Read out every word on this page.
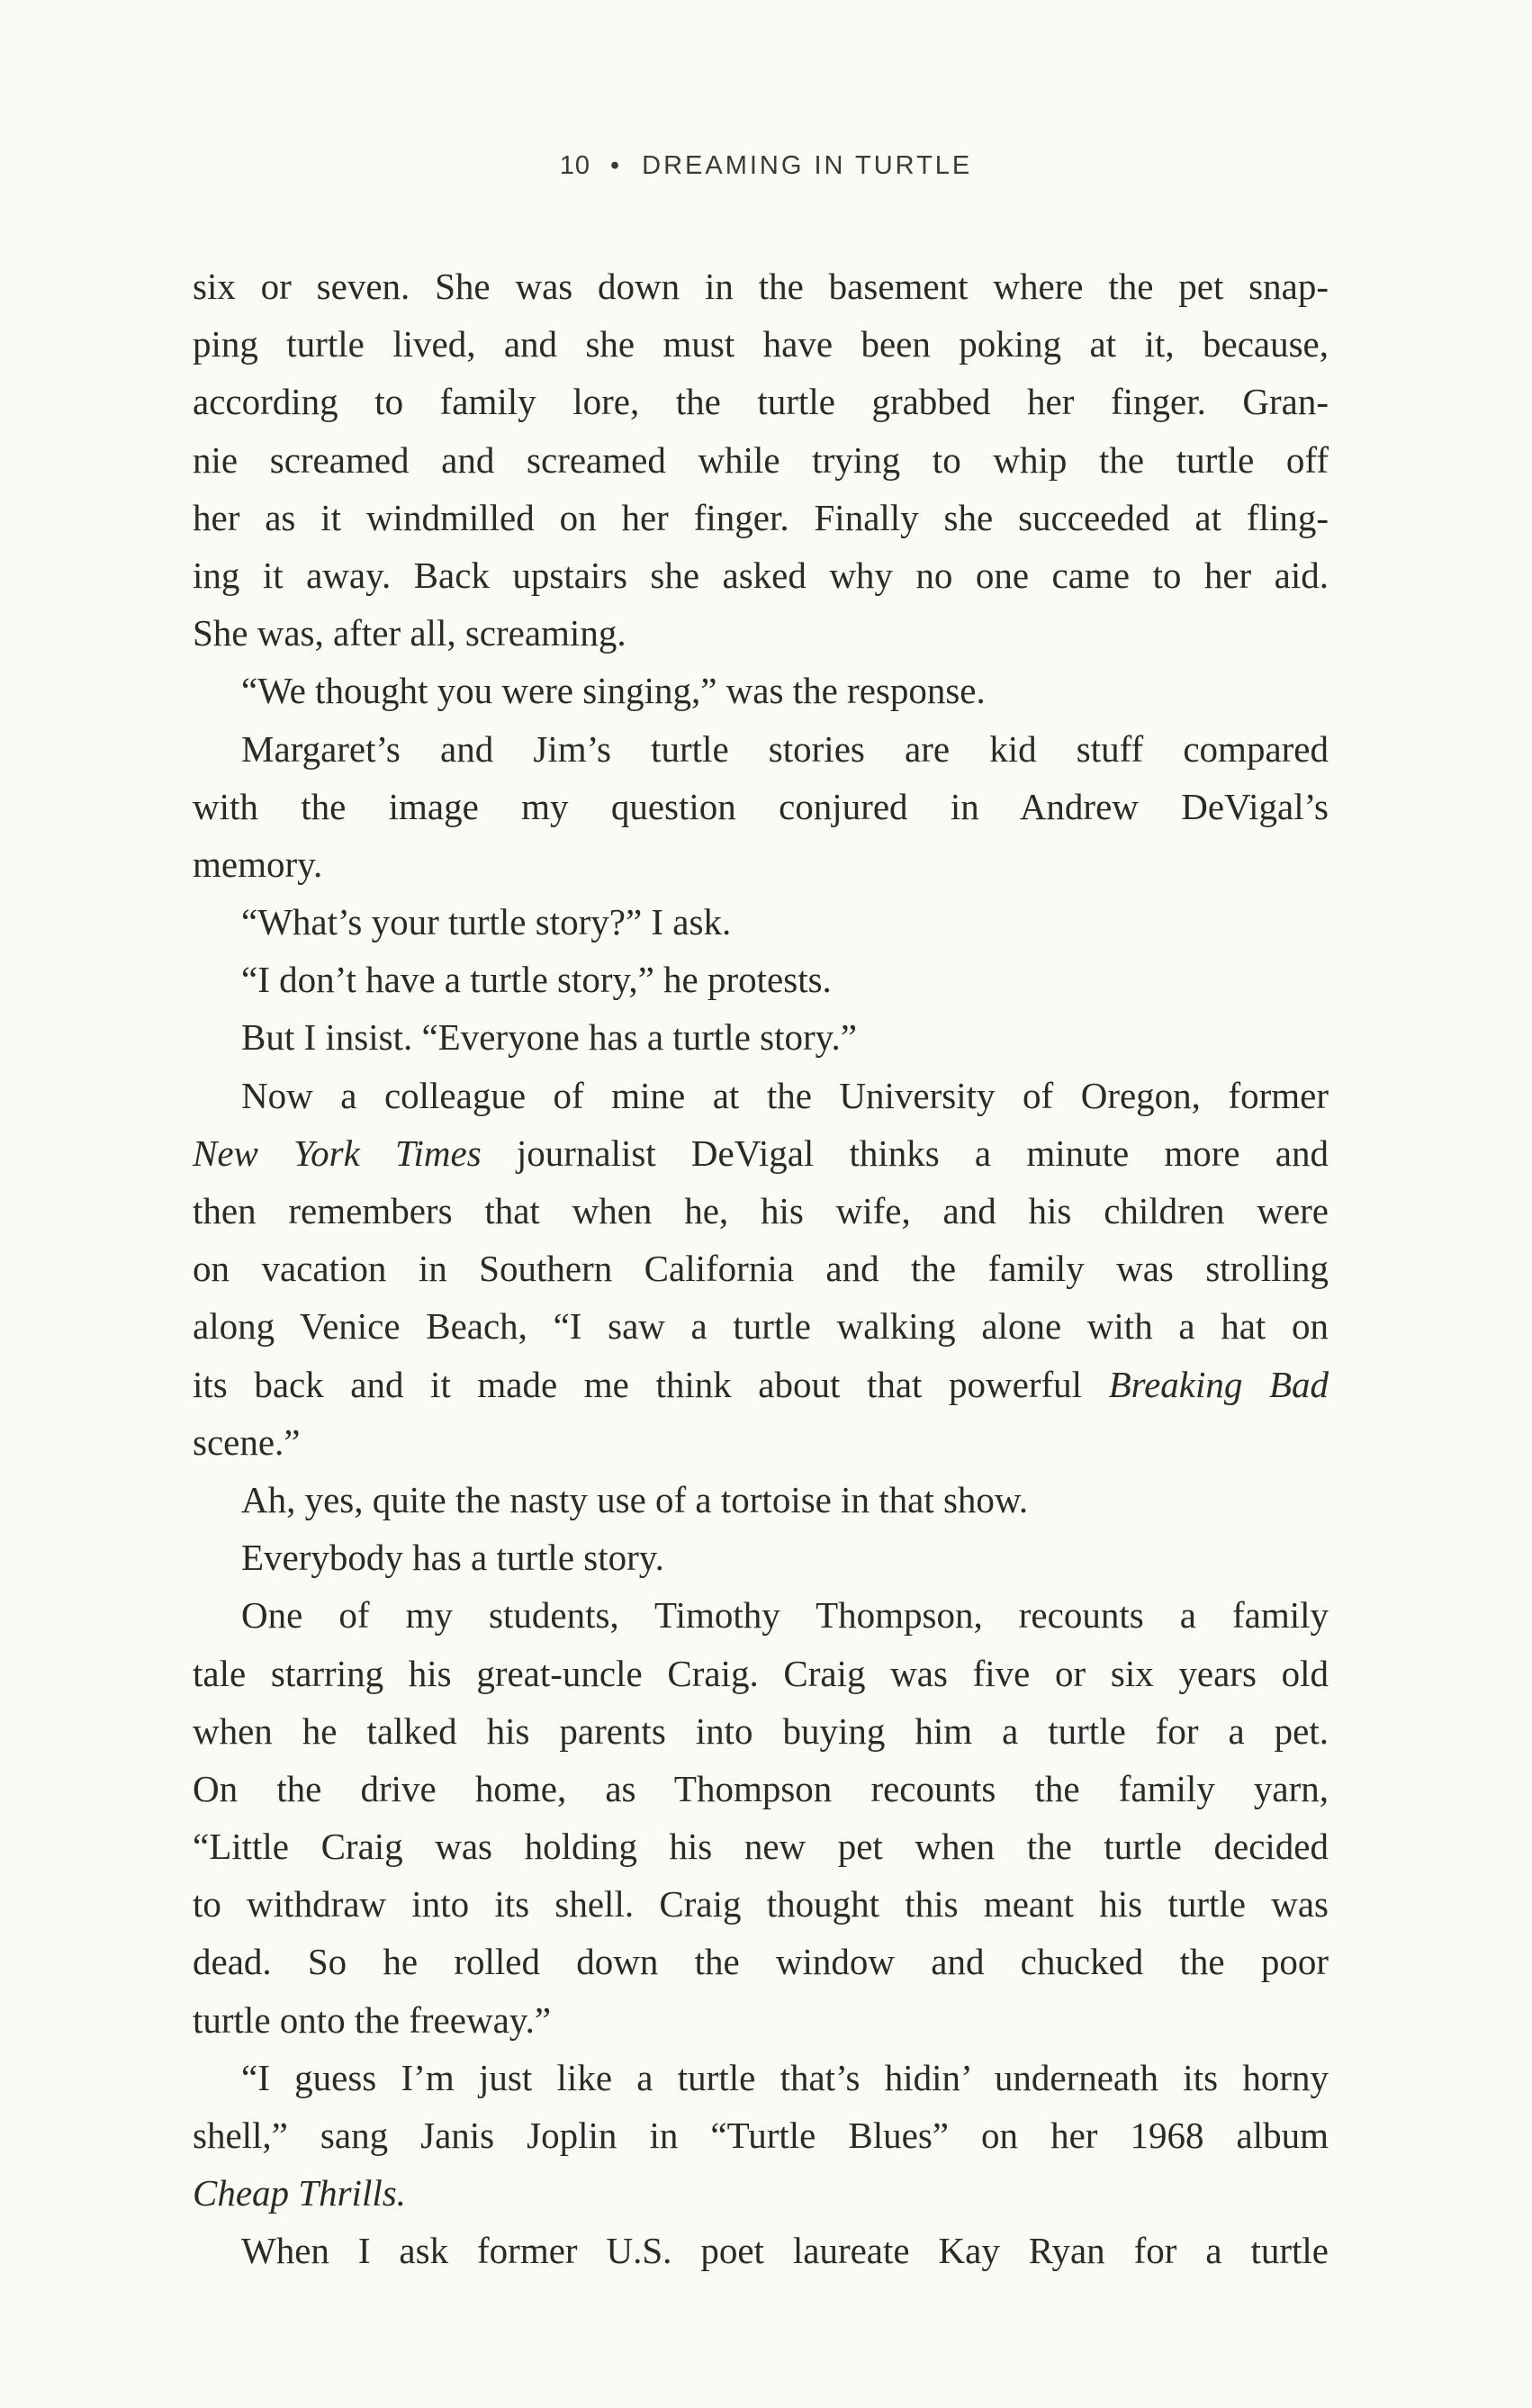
10 • DREAMING IN TURTLE
six or seven. She was down in the basement where the pet snap-
ping turtle lived, and she must have been poking at it, because,
according to family lore, the turtle grabbed her finger. Gran-
nie screamed and screamed while trying to whip the turtle off
her as it windmilled on her finger. Finally she succeeded at fling-
ing it away. Back upstairs she asked why no one came to her aid.
She was, after all, screaming.
“We thought you were singing,” was the response.
Margaret’s and Jim’s turtle stories are kid stuff compared
with the image my question conjured in Andrew DeVigal’s
memory.
“What’s your turtle story?” I ask.
“I don’t have a turtle story,” he protests.
But I insist. “Everyone has a turtle story.”
Now a colleague of mine at the University of Oregon, former
New York Times journalist DeVigal thinks a minute more and
then remembers that when he, his wife, and his children were
on vacation in Southern California and the family was strolling
along Venice Beach, “I saw a turtle walking alone with a hat on
its back and it made me think about that powerful Breaking Bad
scene.”
Ah, yes, quite the nasty use of a tortoise in that show.
Everybody has a turtle story.
One of my students, Timothy Thompson, recounts a family
tale starring his great-uncle Craig. Craig was five or six years old
when he talked his parents into buying him a turtle for a pet.
On the drive home, as Thompson recounts the family yarn,
“Little Craig was holding his new pet when the turtle decided
to withdraw into its shell. Craig thought this meant his turtle was
dead. So he rolled down the window and chucked the poor
turtle onto the freeway.”
“I guess I’m just like a turtle that’s hidin’ underneath its horny
shell,” sang Janis Joplin in “Turtle Blues” on her 1968 album
Cheap Thrills.
When I ask former U.S. poet laureate Kay Ryan for a turtle
